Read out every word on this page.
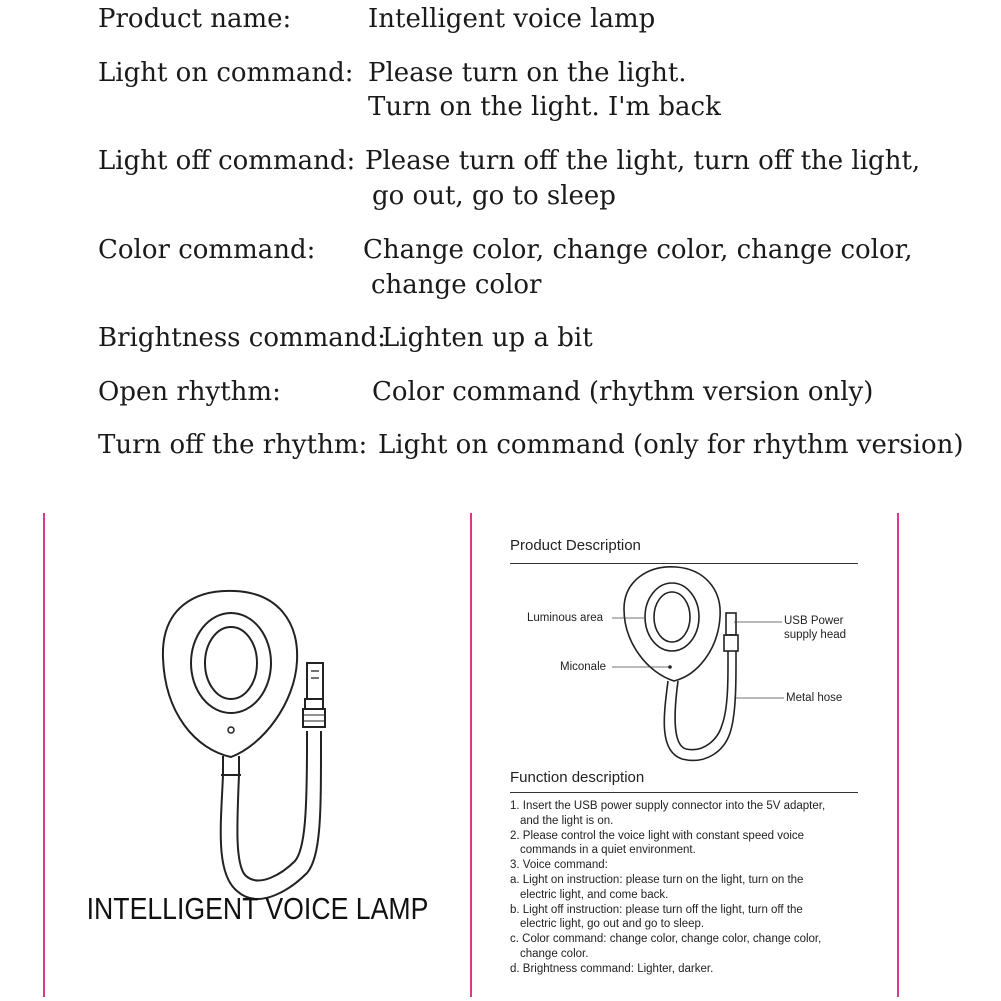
Product name:	Intelligent voice lamp
Light on command: Please turn on the light.
Turn on the light. I'm back
Light off command: Please turn off the light, turn off the light,
go out, go to sleep
Color command: Change color, change color, change color,
change color
Brightness command:
Lighten up a bit
Open rhythm:	Color command (rhythm version only)
Turn off the rhythm: Light on command (only for rhythm version)
INTELLIGENT VOICE LAMP
Product Description
Luminous area
Miconale
USB Power
supply head
Metal hose
Function description
1. Insert the USB power supply connector into the 5V adapter,
and the light is on.
2. Please control the voice light with constant speed voice
commands in a quiet environment.
3. Voice command:
a. Light on instruction: please turn on the light, turn on the
electric light, and come back.
b. Light off instruction: please turn off the light, turn off the
electric light, go out and go to sleep.
c. Color command: change color, change color, change color,
change color.
d. Brightness command: Lighter, darker.
